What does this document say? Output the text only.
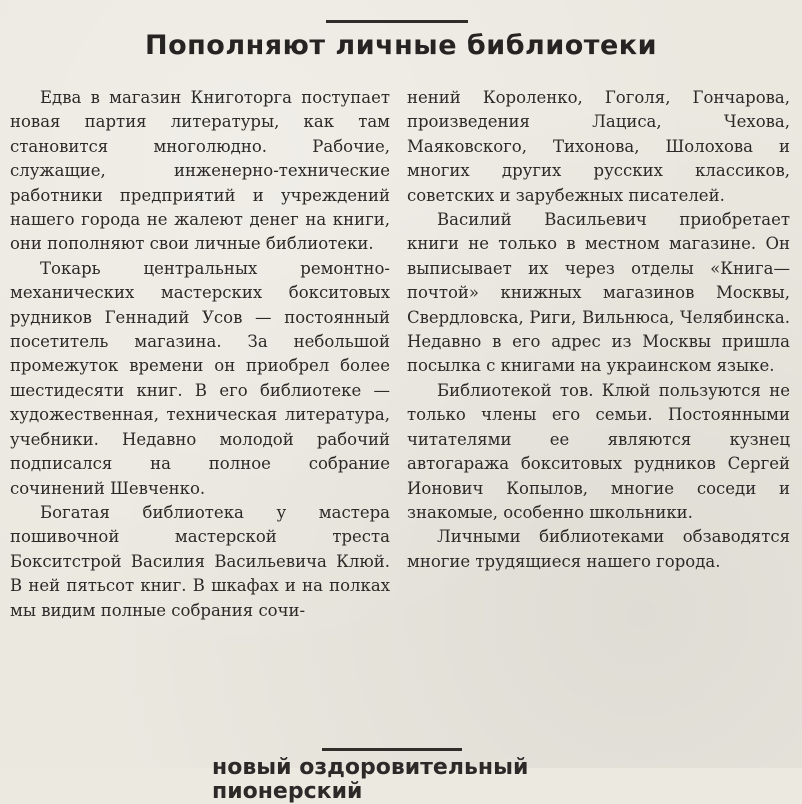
Пополняют личные библиотеки

Едва в магазин Книготорга поступает новая партия литературы, как там становится многолюдно. Рабочие, служащие, инженерно-технические работники предприятий и учреждений нашего города не жалеют денег на книги, они пополняют свои личные библиотеки.

Токарь центральных ремонтно-механических мастерских бокситовых рудников Геннадий Усов — постоянный посетитель магазина. За небольшой промежуток времени он приобрел более шестидесяти книг. В его библиотеке — художественная, техническая литература, учебники. Недавно молодой рабочий подписался на полное собрание сочинений Шевченко.

Богатая библиотека у мастера пошивочной мастерской треста Бокситстрой Василия Васильевича Клюй. В ней пятьсот книг. В шкафах и на полках мы видим полные собрания сочи-

нений Короленко, Гоголя, Гончарова, произведения Лациса, Чехова, Маяковского, Тихонова, Шолохова и многих других русских классиков, советских и зарубежных писателей.

Василий Васильевич приобретает книги не только в местном магазине. Он выписывает их через отделы «Книга—почтой» книжных магазинов Москвы, Свердловска, Риги, Вильнюса, Челябинска. Недавно в его адрес из Москвы пришла посылка с книгами на украинском языке.

Библиотекой тов. Клюй пользуются не только члены его семьи. Постоянными читателями ее являются кузнец автогаража бокситовых рудников Сергей Ионович Копылов, многие соседи и знакомые, особенно школьники.

Личными библиотеками обзаводятся многие трудящиеся нашего города.

новый оздоровительный пионерский
